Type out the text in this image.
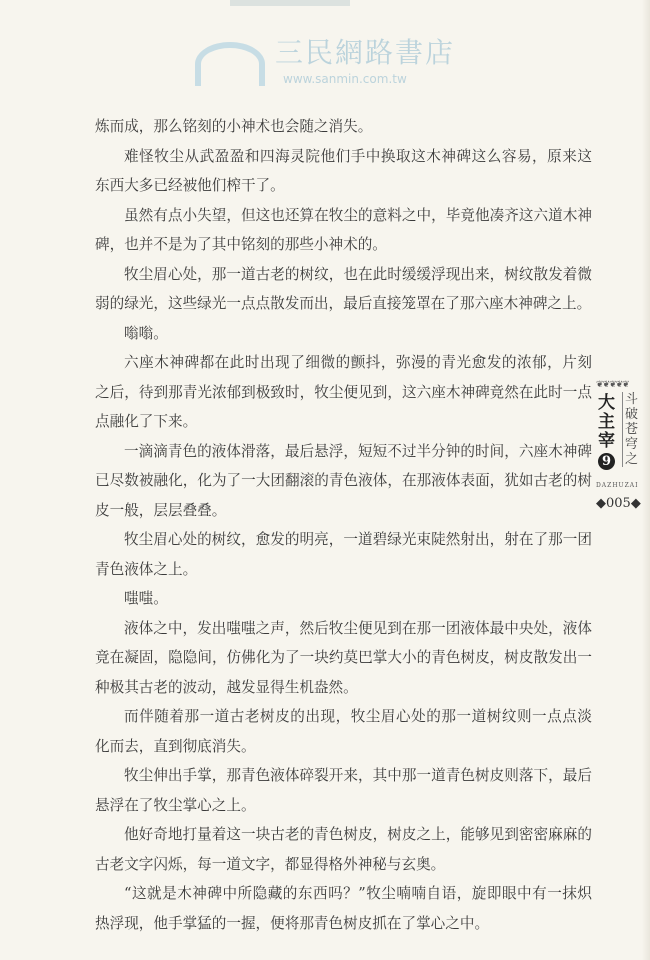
三民網路書店
www.sanmin.com.tw
炼而成，那么铭刻的小神术也会随之消失。
难怪牧尘从武盈盈和四海灵院他们手中换取这木神碑这么容易，原来这
东西大多已经被他们榨干了。
虽然有点小失望，但这也还算在牧尘的意料之中，毕竟他凑齐这六道木神
碑，也并不是为了其中铭刻的那些小神术的。
牧尘眉心处，那一道古老的树纹，也在此时缓缓浮现出来，树纹散发着微
弱的绿光，这些绿光一点点散发而出，最后直接笼罩在了那六座木神碑之上。
嗡嗡。
六座木神碑都在此时出现了细微的颤抖，弥漫的青光愈发的浓郁，片刻
之后，待到那青光浓郁到极致时，牧尘便见到，这六座木神碑竟然在此时一点
点融化了下来。
一滴滴青色的液体滑落，最后悬浮，短短不过半分钟的时间，六座木神碑
已尽数被融化，化为了一大团翻滚的青色液体，在那液体表面，犹如古老的树
皮一般，层层叠叠。
牧尘眉心处的树纹，愈发的明亮，一道碧绿光束陡然射出，射在了那一团
青色液体之上。
嗤嗤。
液体之中，发出嗤嗤之声，然后牧尘便见到在那一团液体最中央处，液体
竟在凝固，隐隐间，仿佛化为了一块约莫巴掌大小的青色树皮，树皮散发出一
种极其古老的波动，越发显得生机盎然。
而伴随着那一道古老树皮的出现，牧尘眉心处的那一道树纹则一点点淡
化而去，直到彻底消失。
牧尘伸出手掌，那青色液体碎裂开来，其中那一道青色树皮则落下，最后
悬浮在了牧尘掌心之上。
他好奇地打量着这一块古老的青色树皮，树皮之上，能够见到密密麻麻的
古老文字闪烁，每一道文字，都显得格外神秘与玄奥。
“这就是木神碑中所隐藏的东西吗？”牧尘喃喃自语，旋即眼中有一抹炽
热浮现，他手掌猛的一握，便将那青色树皮抓在了掌心之中。
❦❦❦❦❦
大主宰
9
斗破苍穹之
DAZHUZAI
◆005◆
